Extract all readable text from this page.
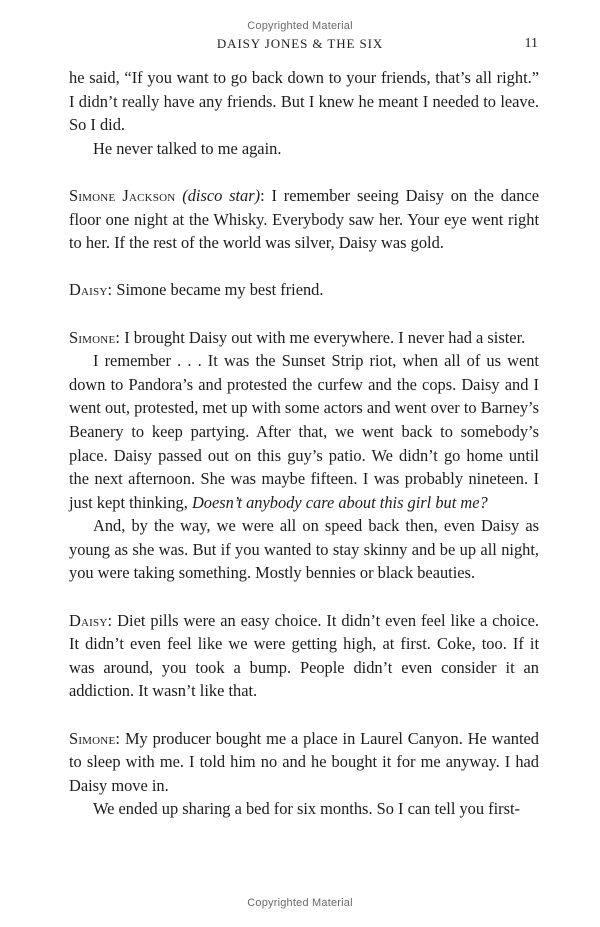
Copyrighted Material
DAISY JONES & THE SIX	11

he said, “If you want to go back down to your friends, that’s all right.” I didn’t really have any friends. But I knew he meant I needed to leave. So I did.

He never talked to me again.

Simone Jackson (disco star): I remember seeing Daisy on the dance floor one night at the Whisky. Everybody saw her. Your eye went right to her. If the rest of the world was silver, Daisy was gold.

Daisy: Simone became my best friend.

Simone: I brought Daisy out with me everywhere. I never had a sister.

I remember . . . It was the Sunset Strip riot, when all of us went down to Pandora’s and protested the curfew and the cops. Daisy and I went out, protested, met up with some actors and went over to Barney’s Beanery to keep partying. After that, we went back to somebody’s place. Daisy passed out on this guy’s patio. We didn’t go home until the next afternoon. She was maybe fifteen. I was probably nineteen. I just kept thinking, Doesn’t anybody care about this girl but me?

And, by the way, we were all on speed back then, even Daisy as young as she was. But if you wanted to stay skinny and be up all night, you were taking something. Mostly bennies or black beauties.

Daisy: Diet pills were an easy choice. It didn’t even feel like a choice. It didn’t even feel like we were getting high, at first. Coke, too. If it was around, you took a bump. People didn’t even consider it an addiction. It wasn’t like that.

Simone: My producer bought me a place in Laurel Canyon. He wanted to sleep with me. I told him no and he bought it for me anyway. I had Daisy move in.

We ended up sharing a bed for six months. So I can tell you first-

Copyrighted Material
